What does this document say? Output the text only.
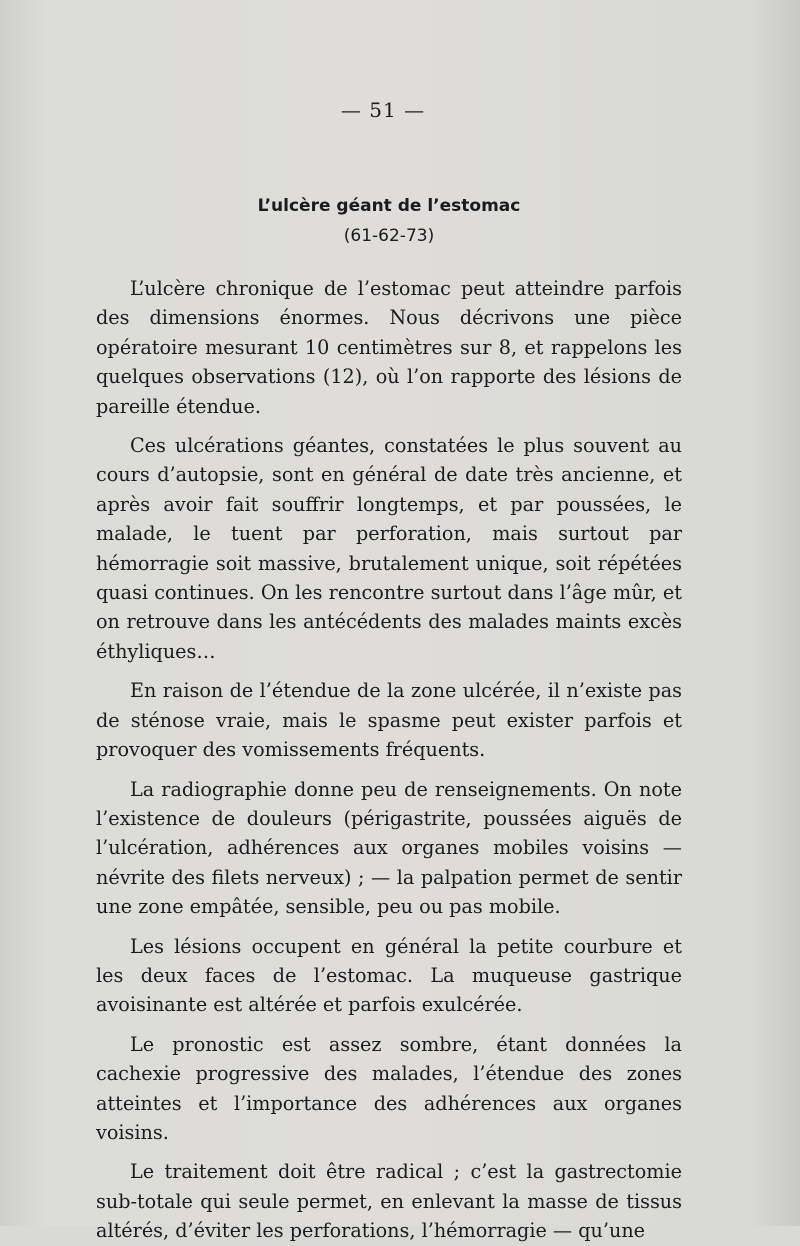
— 51 —
L’ulcère géant de l’estomac
(61-62-73)

L’ulcère chronique de l’estomac peut atteindre parfois des dimensions énormes. Nous décrivons une pièce opératoire mesurant 10 centimètres sur 8, et rappelons les quelques observations (12), où l’on rapporte des lésions de pareille étendue.

Ces ulcérations géantes, constatées le plus souvent au cours d’autopsie, sont en général de date très ancienne, et après avoir fait souffrir longtemps, et par poussées, le malade, le tuent par perforation, mais surtout par hémorragie soit massive, brutalement unique, soit répétées quasi continues. On les rencontre surtout dans l’âge mûr, et on retrouve dans les antécédents des malades maints excès éthyliques…

En raison de l’étendue de la zone ulcérée, il n’existe pas de sténose vraie, mais le spasme peut exister parfois et provoquer des vomissements fréquents.

La radiographie donne peu de renseignements. On note l’existence de douleurs (périgastrite, poussées aiguës de l’ulcération, adhérences aux organes mobiles voisins — névrite des filets nerveux) ; — la palpation permet de sentir une zone empâtée, sensible, peu ou pas mobile.

Les lésions occupent en général la petite courbure et les deux faces de l’estomac. La muqueuse gastrique avoisinante est altérée et parfois exulcérée.

Le pronostic est assez sombre, étant données la cachexie progressive des malades, l’étendue des zones atteintes et l’importance des adhérences aux organes voisins.

Le traitement doit être radical ; c’est la gastrectomie sub-totale qui seule permet, en enlevant la masse de tissus altérés, d’éviter les perforations, l’hémorragie — qu’une
